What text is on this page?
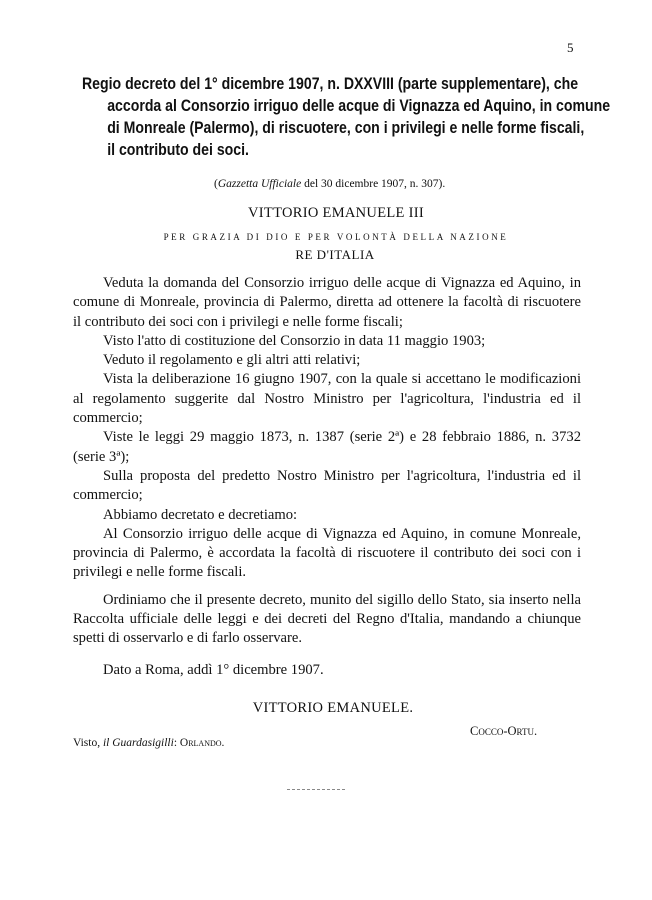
5
Regio decreto del 1° dicembre 1907, n. DXXVIII (parte supplementare), che
accorda al Consorzio irriguo delle acque di Vignazza ed Aquino, in comune
di Monreale (Palermo), di riscuotere, con i privilegi e nelle forme fiscali,
il contributo dei soci.
(Gazzetta Ufficiale del 30 dicembre 1907, n. 307).
VITTORIO EMANUELE III
PER GRAZIA DI DIO E PER VOLONTÀ DELLA NAZIONE
RE D'ITALIA

Veduta la domanda del Consorzio irriguo delle acque di Vignazza ed Aquino, in comune di Monreale, provincia di Palermo, diretta ad ottenere la facoltà di riscuotere il contributo dei soci con i privilegi e nelle forme fiscali;

Visto l'atto di costituzione del Consorzio in data 11 maggio 1903;

Veduto il regolamento e gli altri atti relativi;

Vista la deliberazione 16 giugno 1907, con la quale si accettano le modificazioni al regolamento suggerite dal Nostro Ministro per l'agricoltura, l'industria ed il commercio;

Viste le leggi 29 maggio 1873, n. 1387 (serie 2ª) e 28 febbraio 1886, n. 3732 (serie 3ª);

Sulla proposta del predetto Nostro Ministro per l'agricoltura, l'industria ed il commercio;

Abbiamo decretato e decretiamo:

Al Consorzio irriguo delle acque di Vignazza ed Aquino, in comune Monreale, provincia di Palermo, è accordata la facoltà di riscuotere il contributo dei soci con i privilegi e nelle forme fiscali.

Ordiniamo che il presente decreto, munito del sigillo dello Stato, sia inserto nella Raccolta ufficiale delle leggi e dei decreti del Regno d'Italia, mandando a chiunque spetti di osservarlo e di farlo osservare.

Dato a Roma, addì 1° dicembre 1907.
VITTORIO EMANUELE.
Cocco-Ortu.
Visto, il Guardasigilli: Orlando.
